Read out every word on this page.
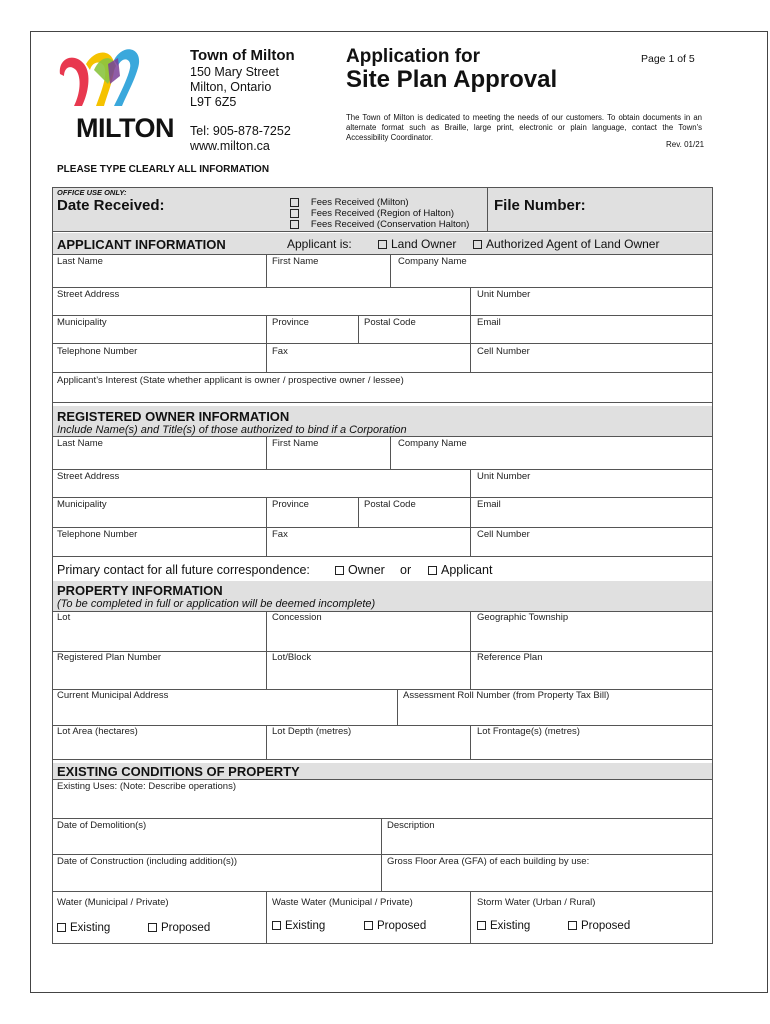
MILTON
Town of Milton
150 Mary Street
Milton, Ontario
L9T 6Z5
Tel: 905-878-7252
www.milton.ca
Application for
Site Plan Approval
Page 1 of 5
The Town of Milton is dedicated to meeting the needs of our customers. To obtain documents in an alternate format such as Braille, large print, electronic or plain language, contact the Town's Accessibility Coordinator.
Rev. 01/21
PLEASE TYPE CLEARLY ALL INFORMATION
OFFICE USE ONLY:
Date Received:	Fees Received (Milton)
Fees Received (Region of Halton)
Fees Received (Conservation Halton)
File Number:
APPLICANT INFORMATION	Applicant is:	Land Owner	Authorized Agent of Land Owner
Last Name	First Name	Company Name
Street Address	Unit Number
Municipality	Province	Postal Code	Email
Telephone Number	Fax	Cell Number
Applicant’s Interest (State whether applicant is owner / prospective owner / lessee)
REGISTERED OWNER INFORMATION
Include Name(s) and Title(s) of those authorized to bind if a Corporation
Last Name	First Name	Company Name
Street Address	Unit Number
Municipality	Province	Postal Code	Email
Telephone Number	Fax	Cell Number
Primary contact for all future correspondence:	Owner or	Applicant
PROPERTY INFORMATION
(To be completed in full or application will be deemed incomplete)
Lot	Concession	Geographic Township
Registered Plan Number	Lot/Block	Reference Plan
Current Municipal Address	Assessment Roll Number (from Property Tax Bill)
Lot Area (hectares)	Lot Depth (metres)	Lot Frontage(s) (metres)
EXISTING CONDITIONS OF PROPERTY
Existing Uses: (Note: Describe operations)
Date of Demolition(s)	Description
Date of Construction (including addition(s))	Gross Floor Area (GFA) of each building by use:
Water (Municipal / Private)	Waste Water (Municipal / Private)	Storm Water (Urban / Rural)
Existing	Proposed	Existing	Proposed	Existing	Proposed
